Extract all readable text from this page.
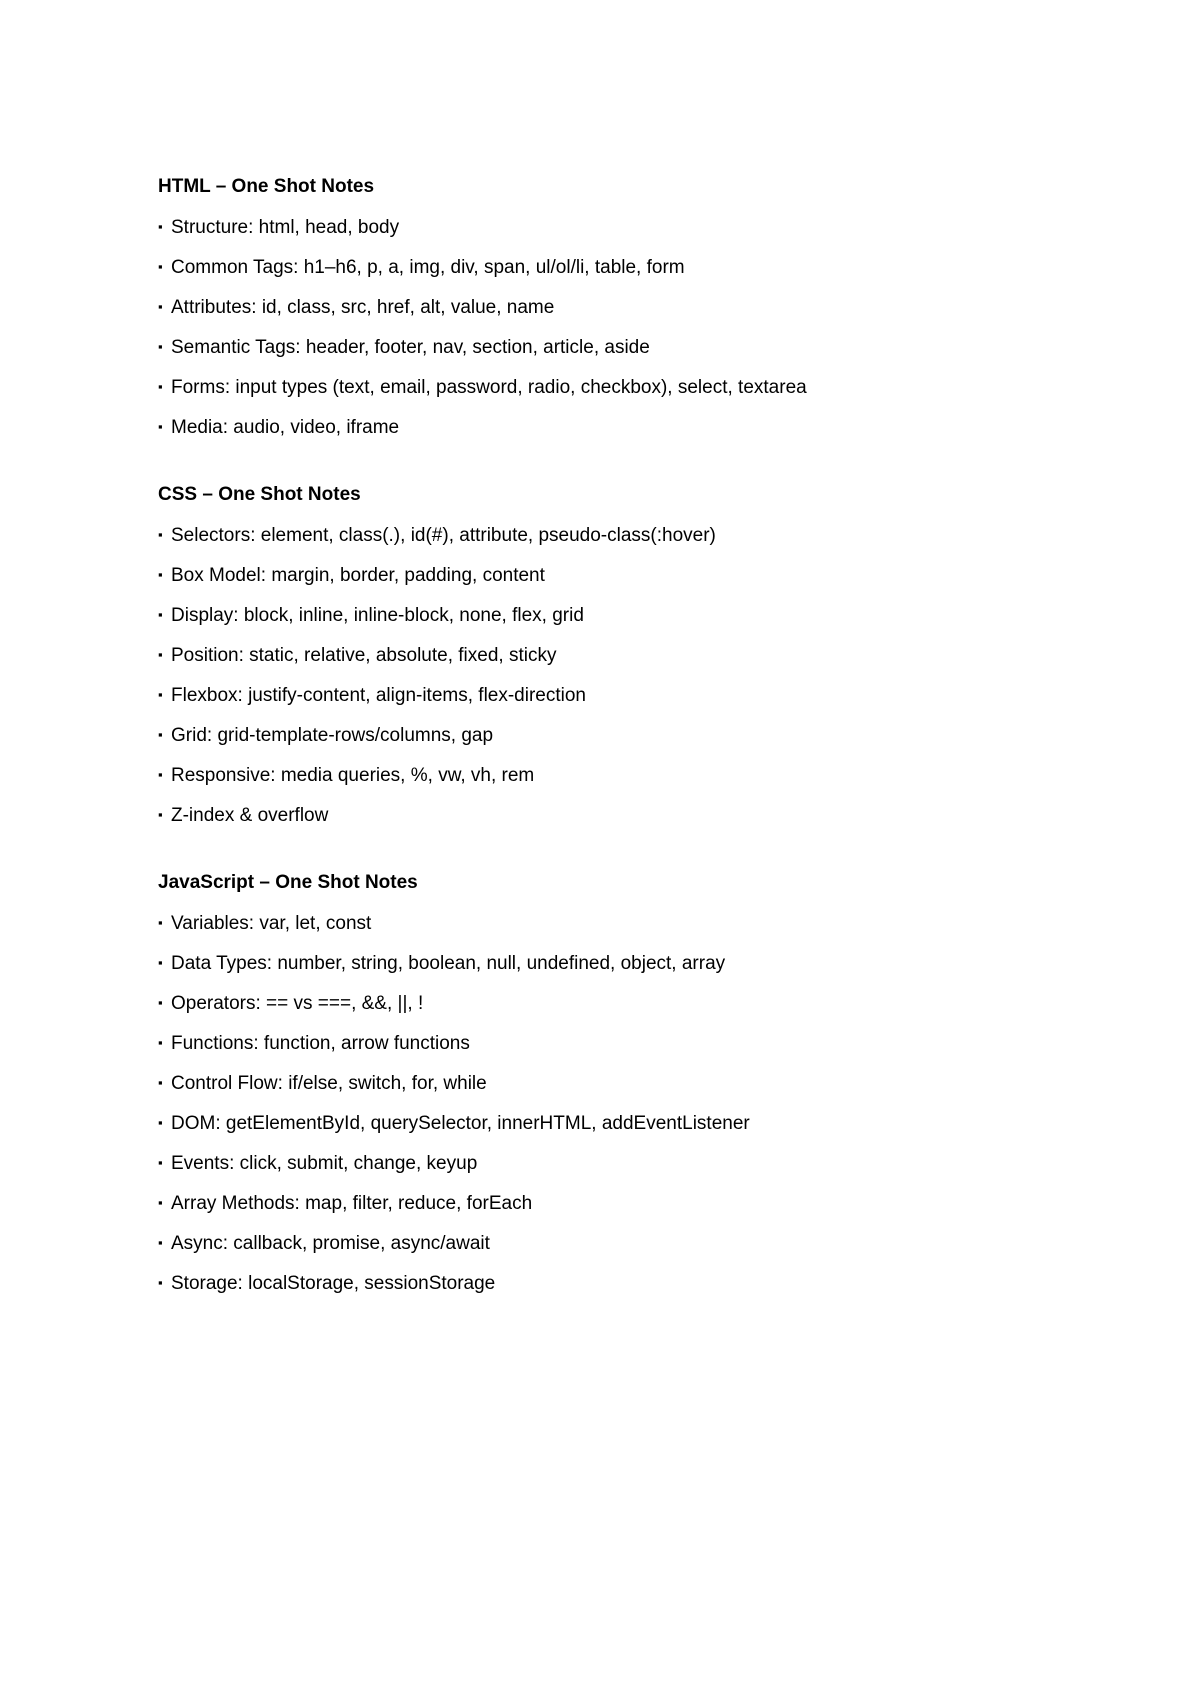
HTML – One Shot Notes
▪ Structure: html, head, body
▪ Common Tags: h1–h6, p, a, img, div, span, ul/ol/li, table, form
▪ Attributes: id, class, src, href, alt, value, name
▪ Semantic Tags: header, footer, nav, section, article, aside
▪ Forms: input types (text, email, password, radio, checkbox), select, textarea
▪ Media: audio, video, iframe
CSS – One Shot Notes
▪ Selectors: element, class(.), id(#), attribute, pseudo-class(:hover)
▪ Box Model: margin, border, padding, content
▪ Display: block, inline, inline-block, none, flex, grid
▪ Position: static, relative, absolute, fixed, sticky
▪ Flexbox: justify-content, align-items, flex-direction
▪ Grid: grid-template-rows/columns, gap
▪ Responsive: media queries, %, vw, vh, rem
▪ Z-index & overflow
JavaScript – One Shot Notes
▪ Variables: var, let, const
▪ Data Types: number, string, boolean, null, undefined, object, array
▪ Operators: == vs ===, &&, ||, !
▪ Functions: function, arrow functions
▪ Control Flow: if/else, switch, for, while
▪ DOM: getElementById, querySelector, innerHTML, addEventListener
▪ Events: click, submit, change, keyup
▪ Array Methods: map, filter, reduce, forEach
▪ Async: callback, promise, async/await
▪ Storage: localStorage, sessionStorage
